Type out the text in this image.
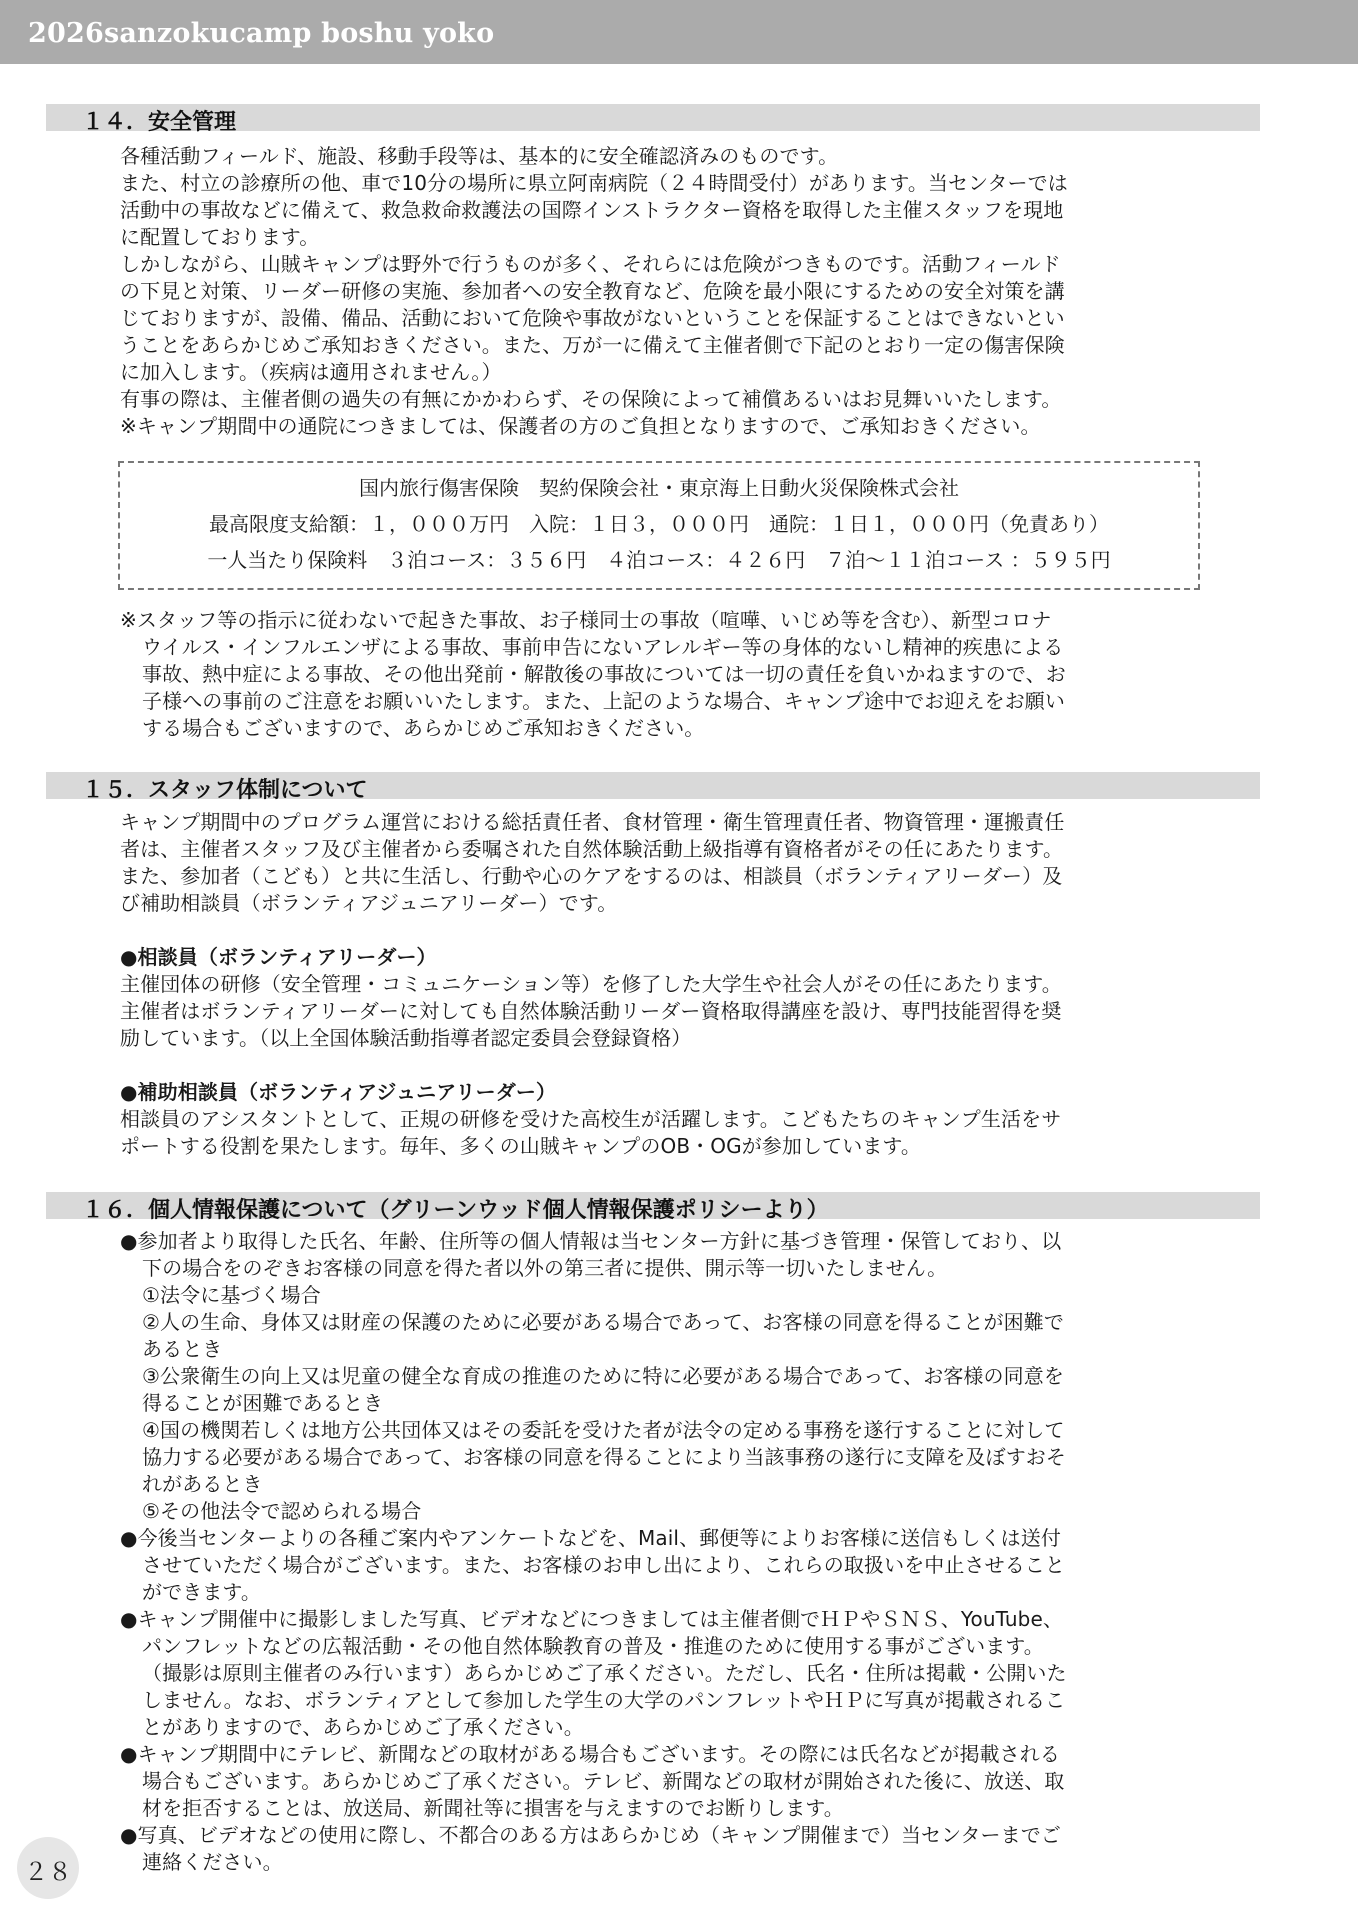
2026sanzokucamp boshu yoko
１４．安全管理
各種活動フィールド、施設、移動手段等は、基本的に安全確認済みのものです。
また、村立の診療所の他、車で10分の場所に県立阿南病院（２４時間受付）があります。当センターでは
活動中の事故などに備えて、救急救命救護法の国際インストラクター資格を取得した主催スタッフを現地
に配置しております。
しかしながら、山賊キャンプは野外で行うものが多く、それらには危険がつきものです。活動フィールド
の下見と対策、リーダー研修の実施、参加者への安全教育など、危険を最小限にするための安全対策を講
じておりますが、設備、備品、活動において危険や事故がないということを保証することはできないとい
うことをあらかじめご承知おきください。また、万が一に備えて主催者側で下記のとおり一定の傷害保険
に加入します。（疾病は適用されません。）
有事の際は、主催者側の過失の有無にかかわらず、その保険によって補償あるいはお見舞いいたします。
※キャンプ期間中の通院につきましては、保護者の方のご負担となりますので、ご承知おきください。
国内旅行傷害保険　契約保険会社・東京海上日動火災保険株式会社
最高限度支給額：１，０００万円　入院：１日３，０００円　通院：１日１，０００円（免責あり）
一人当たり保険料　３泊コース：３５６円　４泊コース：４２６円　７泊～１１泊コース ：５９５円
※スタッフ等の指示に従わないで起きた事故、お子様同士の事故（喧嘩、いじめ等を含む）、新型コロナ
ウイルス・インフルエンザによる事故、事前申告にないアレルギー等の身体的ないし精神的疾患による
事故、熱中症による事故、その他出発前・解散後の事故については一切の責任を負いかねますので、お
子様への事前のご注意をお願いいたします。また、上記のような場合、キャンプ途中でお迎えをお願い
する場合もございますので、あらかじめご承知おきください。
１５．スタッフ体制について
キャンプ期間中のプログラム運営における総括責任者、食材管理・衛生管理責任者、物資管理・運搬責任
者は、主催者スタッフ及び主催者から委嘱された自然体験活動上級指導有資格者がその任にあたります。
また、参加者（こども）と共に生活し、行動や心のケアをするのは、相談員（ボランティアリーダー）及
び補助相談員（ボランティアジュニアリーダー）です。
●相談員（ボランティアリーダー）
主催団体の研修（安全管理・コミュニケーション等）を修了した大学生や社会人がその任にあたります。
主催者はボランティアリーダーに対しても自然体験活動リーダー資格取得講座を設け、専門技能習得を奨
励しています。（以上全国体験活動指導者認定委員会登録資格）
●補助相談員（ボランティアジュニアリーダー）
相談員のアシスタントとして、正規の研修を受けた高校生が活躍します。こどもたちのキャンプ生活をサ
ポートする役割を果たします。毎年、多くの山賊キャンプのOB・OGが参加しています。
１６．個人情報保護について（グリーンウッド個人情報保護ポリシーより）
●参加者より取得した氏名、年齢、住所等の個人情報は当センター方針に基づき管理・保管しており、以
下の場合をのぞきお客様の同意を得た者以外の第三者に提供、開示等一切いたしません。
①法令に基づく場合
②人の生命、身体又は財産の保護のために必要がある場合であって、お客様の同意を得ることが困難で
あるとき
③公衆衛生の向上又は児童の健全な育成の推進のために特に必要がある場合であって、お客様の同意を
得ることが困難であるとき
④国の機関若しくは地方公共団体又はその委託を受けた者が法令の定める事務を遂行することに対して
協力する必要がある場合であって、お客様の同意を得ることにより当該事務の遂行に支障を及ぼすおそ
れがあるとき
⑤その他法令で認められる場合
●今後当センターよりの各種ご案内やアンケートなどを、Mail、郵便等によりお客様に送信もしくは送付
させていただく場合がございます。また、お客様のお申し出により、これらの取扱いを中止させること
ができます。
●キャンプ開催中に撮影しました写真、ビデオなどにつきましては主催者側でＨＰやＳＮＳ、YouTube、
パンフレットなどの広報活動・その他自然体験教育の普及・推進のために使用する事がございます。
（撮影は原則主催者のみ行います）あらかじめご了承ください。ただし、氏名・住所は掲載・公開いた
しません。なお、ボランティアとして参加した学生の大学のパンフレットやＨＰに写真が掲載されるこ
とがありますので、あらかじめご了承ください。
●キャンプ期間中にテレビ、新聞などの取材がある場合もございます。その際には氏名などが掲載される
場合もございます。あらかじめご了承ください。テレビ、新聞などの取材が開始された後に、放送、取
材を拒否することは、放送局、新聞社等に損害を与えますのでお断りします。
●写真、ビデオなどの使用に際し、不都合のある方はあらかじめ（キャンプ開催まで）当センターまでご
連絡ください。
２８
